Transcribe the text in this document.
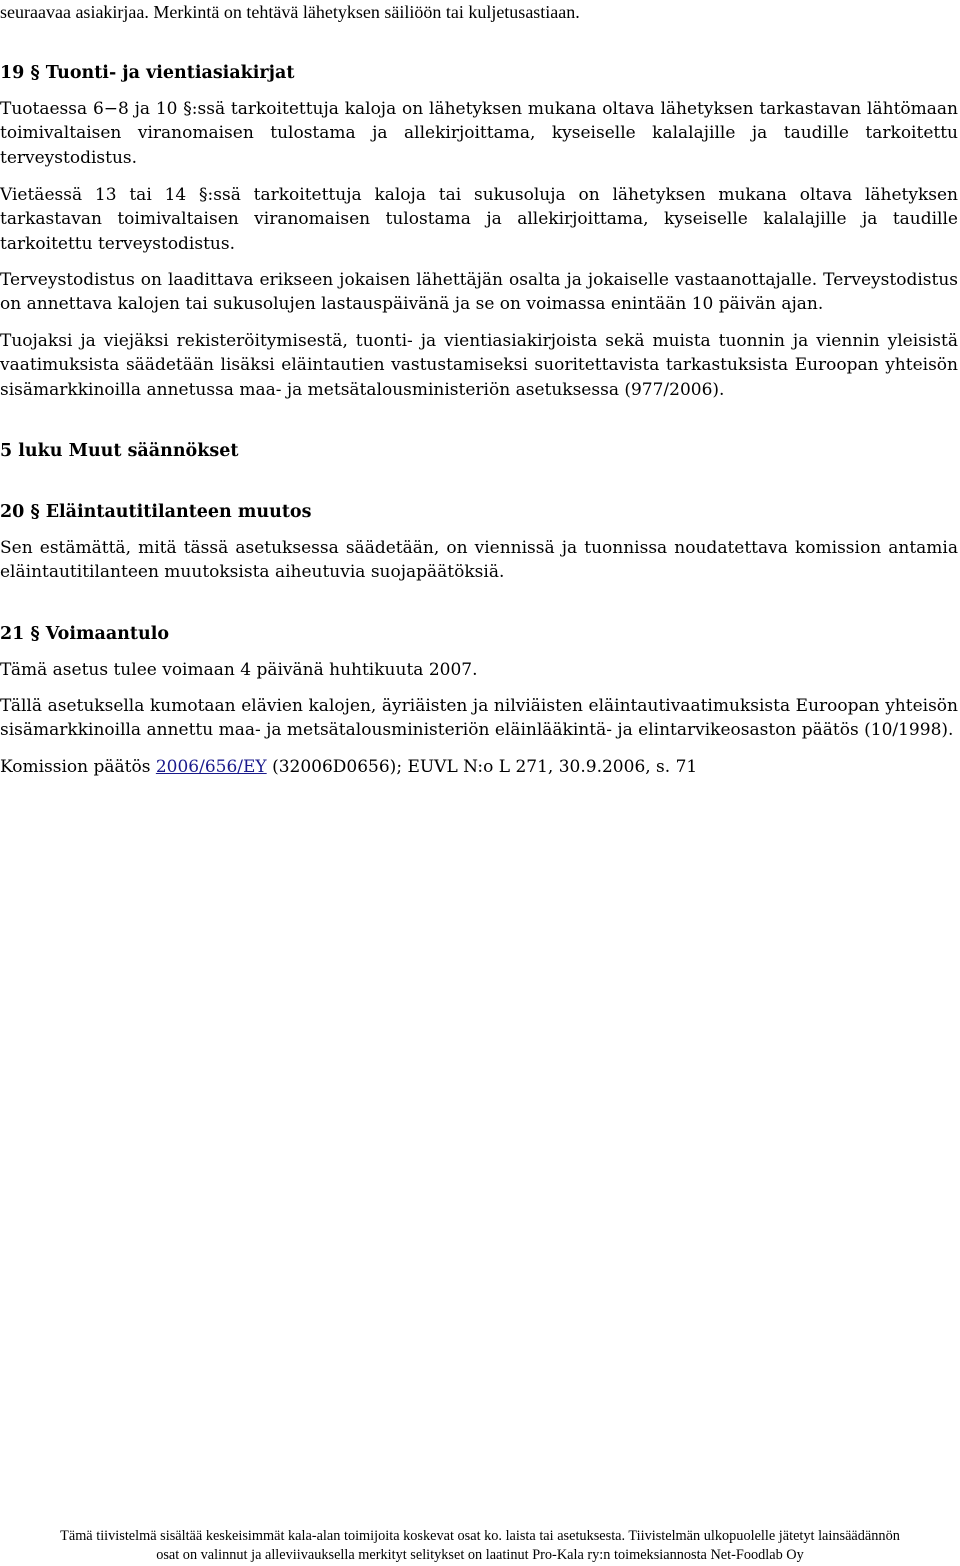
seuraavaa asiakirjaa. Merkintä on tehtävä lähetyksen säiliöön tai kuljetusastiaan.

19 § Tuonti- ja vientiasiakirjat

Tuotaessa 6−8 ja 10 §:ssä tarkoitettuja kaloja on lähetyksen mukana oltava lähetyksen tarkastavan lähtömaan toimivaltaisen viranomaisen tulostama ja allekirjoittama, kyseiselle kalalajille ja taudille tarkoitettu terveystodistus.

Vietäessä 13 tai 14 §:ssä tarkoitettuja kaloja tai sukusoluja on lähetyksen mukana oltava lähetyksen tarkastavan toimivaltaisen viranomaisen tulostama ja allekirjoittama, kyseiselle kalalajille ja taudille tarkoitettu terveystodistus.

Terveystodistus on laadittava erikseen jokaisen lähettäjän osalta ja jokaiselle vastaanottajalle. Terveystodistus on annettava kalojen tai sukusolujen lastauspäivänä ja se on voimassa enintään 10 päivän ajan.

Tuojaksi ja viejäksi rekisteröitymisestä, tuonti- ja vientiasiakirjoista sekä muista tuonnin ja viennin yleisistä vaatimuksista säädetään lisäksi eläintautien vastustamiseksi suoritettavista tarkastuksista Euroopan yhteisön sisämarkkinoilla annetussa maa- ja metsätalousministeriön asetuksessa (977/2006).

5 luku Muut säännökset
20 § Eläintautitilanteen muutos

Sen estämättä, mitä tässä asetuksessa säädetään, on viennissä ja tuonnissa noudatettava komission antamia eläintautitilanteen muutoksista aiheutuvia suojapäätöksiä.

21 § Voimaantulo

Tämä asetus tulee voimaan 4 päivänä huhtikuuta 2007.

Tällä asetuksella kumotaan elävien kalojen, äyriäisten ja nilviäisten eläintautivaatimuksista Euroopan yhteisön sisämarkkinoilla annettu maa- ja metsätalousministeriön eläinlääkintä- ja elintarvikeosaston päätös (10/1998).

Komission päätös 2006/656/EY (32006D0656); EUVL N:o L 271, 30.9.2006, s. 71

Tämä tiivistelmä sisältää keskeisimmät kala-alan toimijoita koskevat osat ko. laista tai asetuksesta. Tiivistelmän ulkopuolelle jätetyt lainsäädännön
osat on valinnut ja alleviivauksella merkityt selitykset on laatinut Pro-Kala ry:n toimeksiannosta Net-Foodlab Oy
